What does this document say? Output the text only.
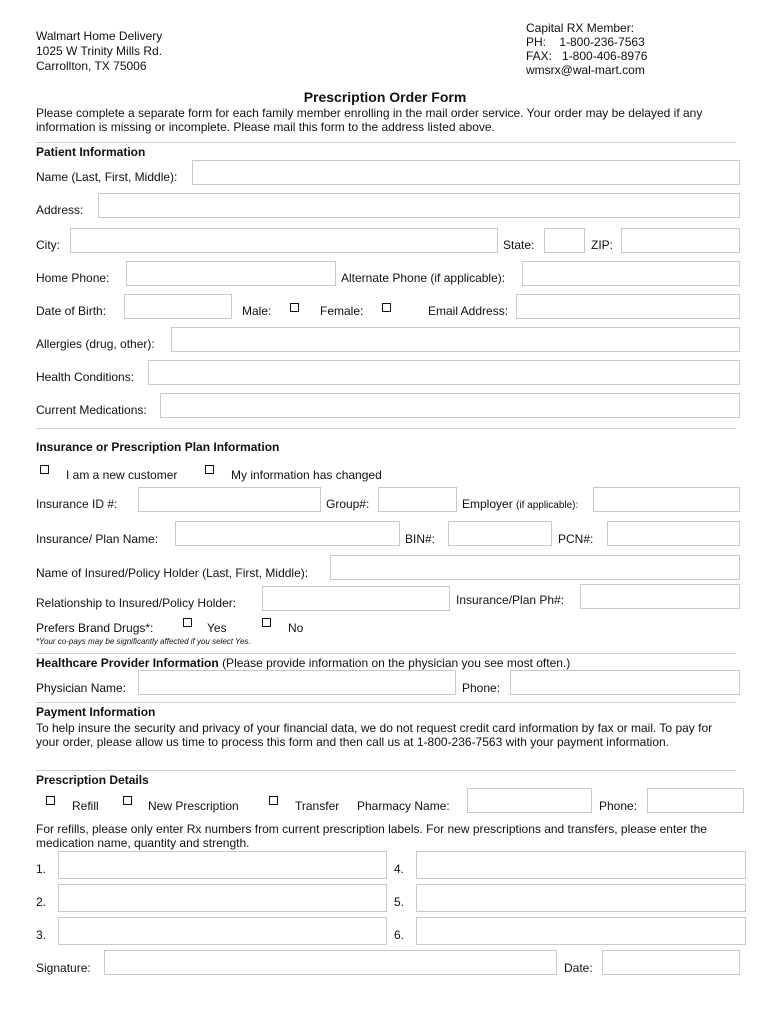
Walmart Home Delivery
1025 W Trinity Mills Rd.
Carrollton, TX 75006
Capital RX Member:
PH:    1-800-236-7563
FAX:   1-800-406-8976
wmsrx@wal-mart.com
Prescription Order Form
Please complete a separate form for each family member enrolling in the mail order service. Your order may be delayed if any information is missing or incomplete. Please mail this form to the address listed above.
Patient Information
Name (Last, First, Middle):
Address:
City:	State:	ZIP:
Home Phone:	Alternate Phone (if applicable):
Date of Birth:	Male:	Female:	Email Address:
Allergies (drug, other):
Health Conditions:
Current Medications:
Insurance or Prescription Plan Information
I am a new customer	My information has changed
Insurance ID #:	Group#:	Employer (if applicable):
Insurance/ Plan Name:	BIN#:	PCN#:
Name of Insured/Policy Holder (Last, First, Middle):
Relationship to Insured/Policy Holder:	Insurance/Plan Ph#:
Prefers Brand Drugs*:	Yes	No
*Your co-pays may be significantly affected if you select Yes.
Healthcare Provider Information (Please provide information on the physician you see most often.)
Physician Name:	Phone:
Payment Information
To help insure the security and privacy of your financial data, we do not request credit card information by fax or mail. To pay for your order, please allow us time to process this form and then call us at 1-800-236-7563 with your payment information.
Prescription Details
Refill	New Prescription	Transfer Pharmacy Name:	Phone:
For refills, please only enter Rx numbers from current prescription labels. For new prescriptions and transfers, please enter the medication name, quantity and strength.
1.	4.
2.	5.
3.	6.
Signature:	Date:
